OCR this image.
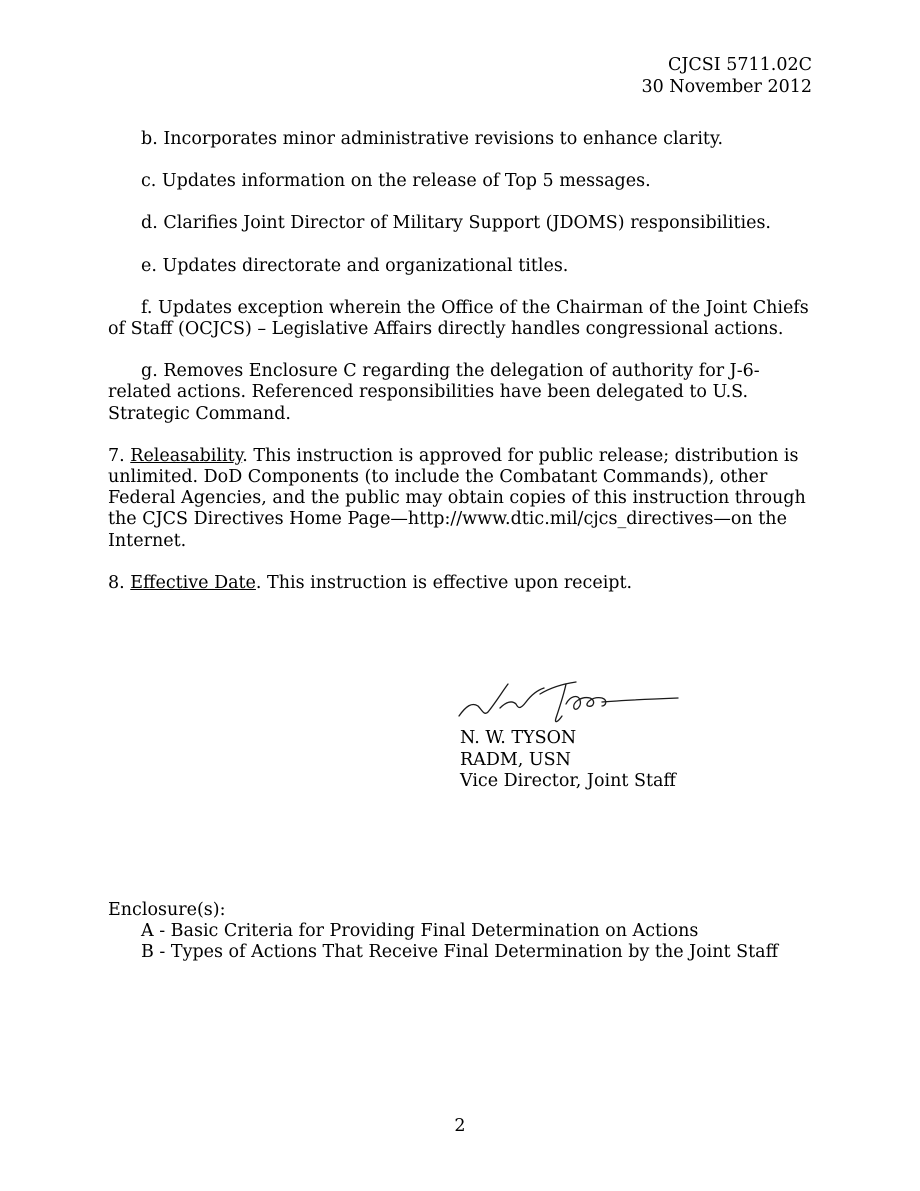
CJCSI 5711.02C
30 November 2012

b. Incorporates minor administrative revisions to enhance clarity.

c. Updates information on the release of Top 5 messages.

d. Clarifies Joint Director of Military Support (JDOMS) responsibilities.

e. Updates directorate and organizational titles.

f. Updates exception wherein the Office of the Chairman of the Joint Chiefs of Staff (OCJCS) – Legislative Affairs directly handles congressional actions.

g. Removes Enclosure C regarding the delegation of authority for J-6-related actions. Referenced responsibilities have been delegated to U.S. Strategic Command.

7. Releasability. This instruction is approved for public release; distribution is unlimited. DoD Components (to include the Combatant Commands), other Federal Agencies, and the public may obtain copies of this instruction through the CJCS Directives Home Page—http://www.dtic.mil/cjcs_directives—on the Internet.

8. Effective Date. This instruction is effective upon receipt.

N. W. TYSON
RADM, USN
Vice Director, Joint Staff
Enclosure(s):
A - Basic Criteria for Providing Final Determination on Actions
B - Types of Actions That Receive Final Determination by the Joint Staff
2
